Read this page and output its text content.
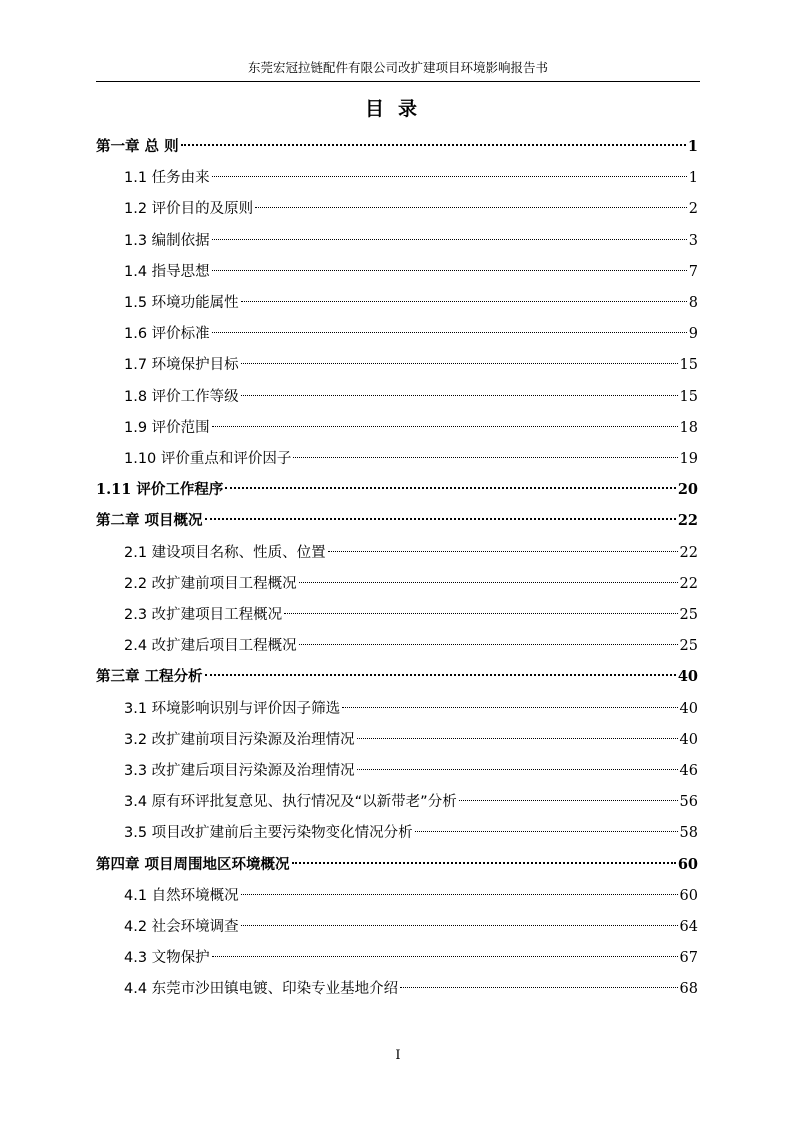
东莞宏冠拉链配件有限公司改扩建项目环境影响报告书
目录
第一章 总 则	1
1.1 任务由来	1
1.2 评价目的及原则	2
1.3 编制依据	3
1.4 指导思想	7
1.5 环境功能属性	8
1.6 评价标准	9
1.7 环境保护目标	15
1.8 评价工作等级	15
1.9 评价范围	18
1.10 评价重点和评价因子	19
1.11 评价工作程序	20
第二章 项目概况	22
2.1 建设项目名称、性质、位置	22
2.2 改扩建前项目工程概况	22
2.3 改扩建项目工程概况	25
2.4 改扩建后项目工程概况	25
第三章 工程分析	40
3.1 环境影响识别与评价因子筛选	40
3.2 改扩建前项目污染源及治理情况	40
3.3 改扩建后项目污染源及治理情况	46
3.4 原有环评批复意见、执行情况及“以新带老”分析	56
3.5 项目改扩建前后主要污染物变化情况分析	58
第四章 项目周围地区环境概况	60
4.1 自然环境概况	60
4.2 社会环境调查	64
4.3 文物保护	67
4.4 东莞市沙田镇电镀、印染专业基地介绍	68
I
